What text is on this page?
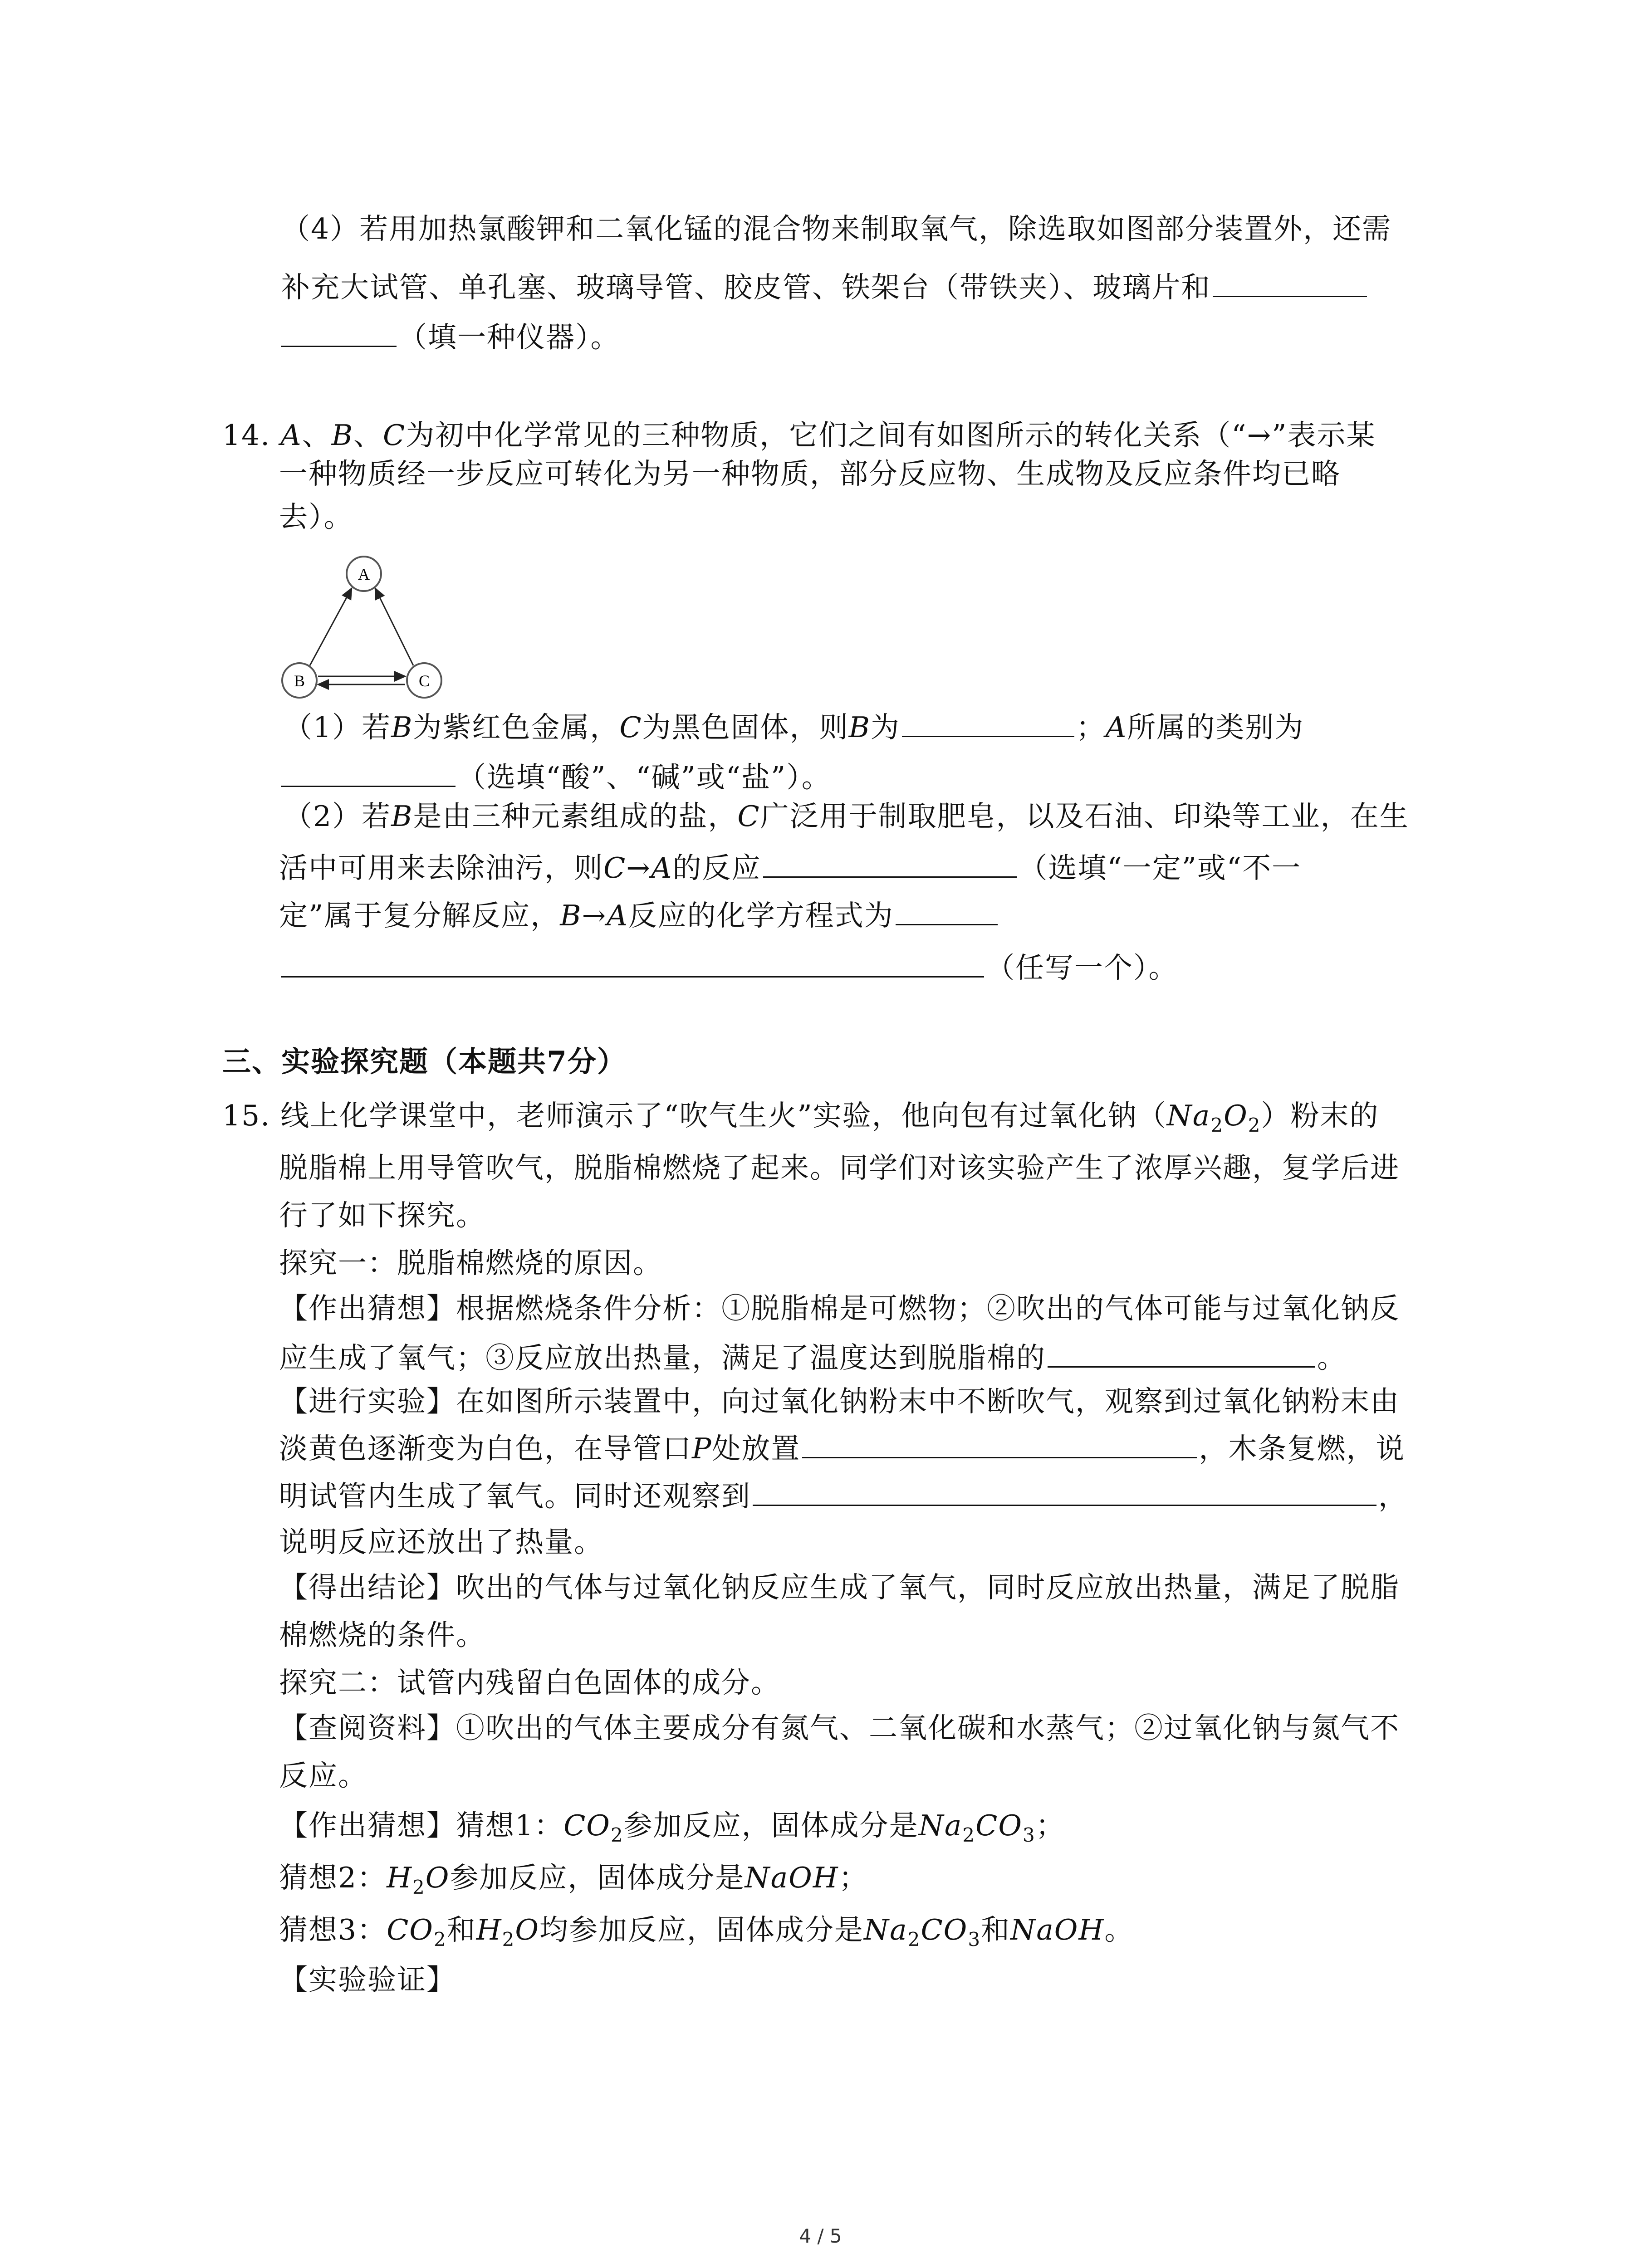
（4）若用加热氯酸钾和二氧化锰的混合物来制取氧气，除选取如图部分装置外，还需
补充大试管、单孔塞、玻璃导管、胶皮管、铁架台（带铁夹）、玻璃片和
（填一种仪器）。
14. A、B、C为初中化学常见的三种物质，它们之间有如图所示的转化关系（“→”表示某
一种物质经一步反应可转化为另一种物质，部分反应物、生成物及反应条件均已略
去）。
A
B	C
（1）若B为紫红色金属，C为黑色固体，则B为	；A所属的类别为
（选填“酸”、“碱”或“盐”）。
（2）若B是由三种元素组成的盐，C广泛用于制取肥皂，以及石油、印染等工业，在生
活中可用来去除油污，则C→A的反应	（选填“一定”或“不一
定”属于复分解反应，B→A反应的化学方程式为
（任写一个）。
三、实验探究题（本题共7分）
15. 线上化学课堂中，老师演示了“吹气生火”实验，他向包有过氧化钠$(Na_2O_2)$粉末的
脱脂棉上用导管吹气，脱脂棉燃烧了起来。同学们对该实验产生了浓厚兴趣，复学后进
行了如下探究。
探究一：脱脂棉燃烧的原因。
【作出猜想】根据燃烧条件分析：①脱脂棉是可燃物；②吹出的气体可能与过氧化钠反
应生成了氧气；③反应放出热量，满足了温度达到脱脂棉的	。
【进行实验】在如图所示装置中，向过氧化钠粉末中不断吹气，观察到过氧化钠粉末由
淡黄色逐渐变为白色，在导管口P处放置	，木条复燃，说
明试管内生成了氧气。同时还观察到	，
说明反应还放出了热量。
【得出结论】吹出的气体与过氧化钠反应生成了氧气，同时反应放出热量，满足了脱脂
棉燃烧的条件。
探究二：试管内残留白色固体的成分。
【查阅资料】①吹出的气体主要成分有氮气、二氧化碳和水蒸气；②过氧化钠与氮气不
反应。
【作出猜想】猜想1：$CO_2$参加反应，固体成分是$Na_2CO_3$；
猜想2：$H_2O$参加反应，固体成分是NaOH；
猜想3：$CO_2$和$H_2O$均参加反应，固体成分是$Na_2CO_3$和NaOH。
【实验验证】
4 / 5
